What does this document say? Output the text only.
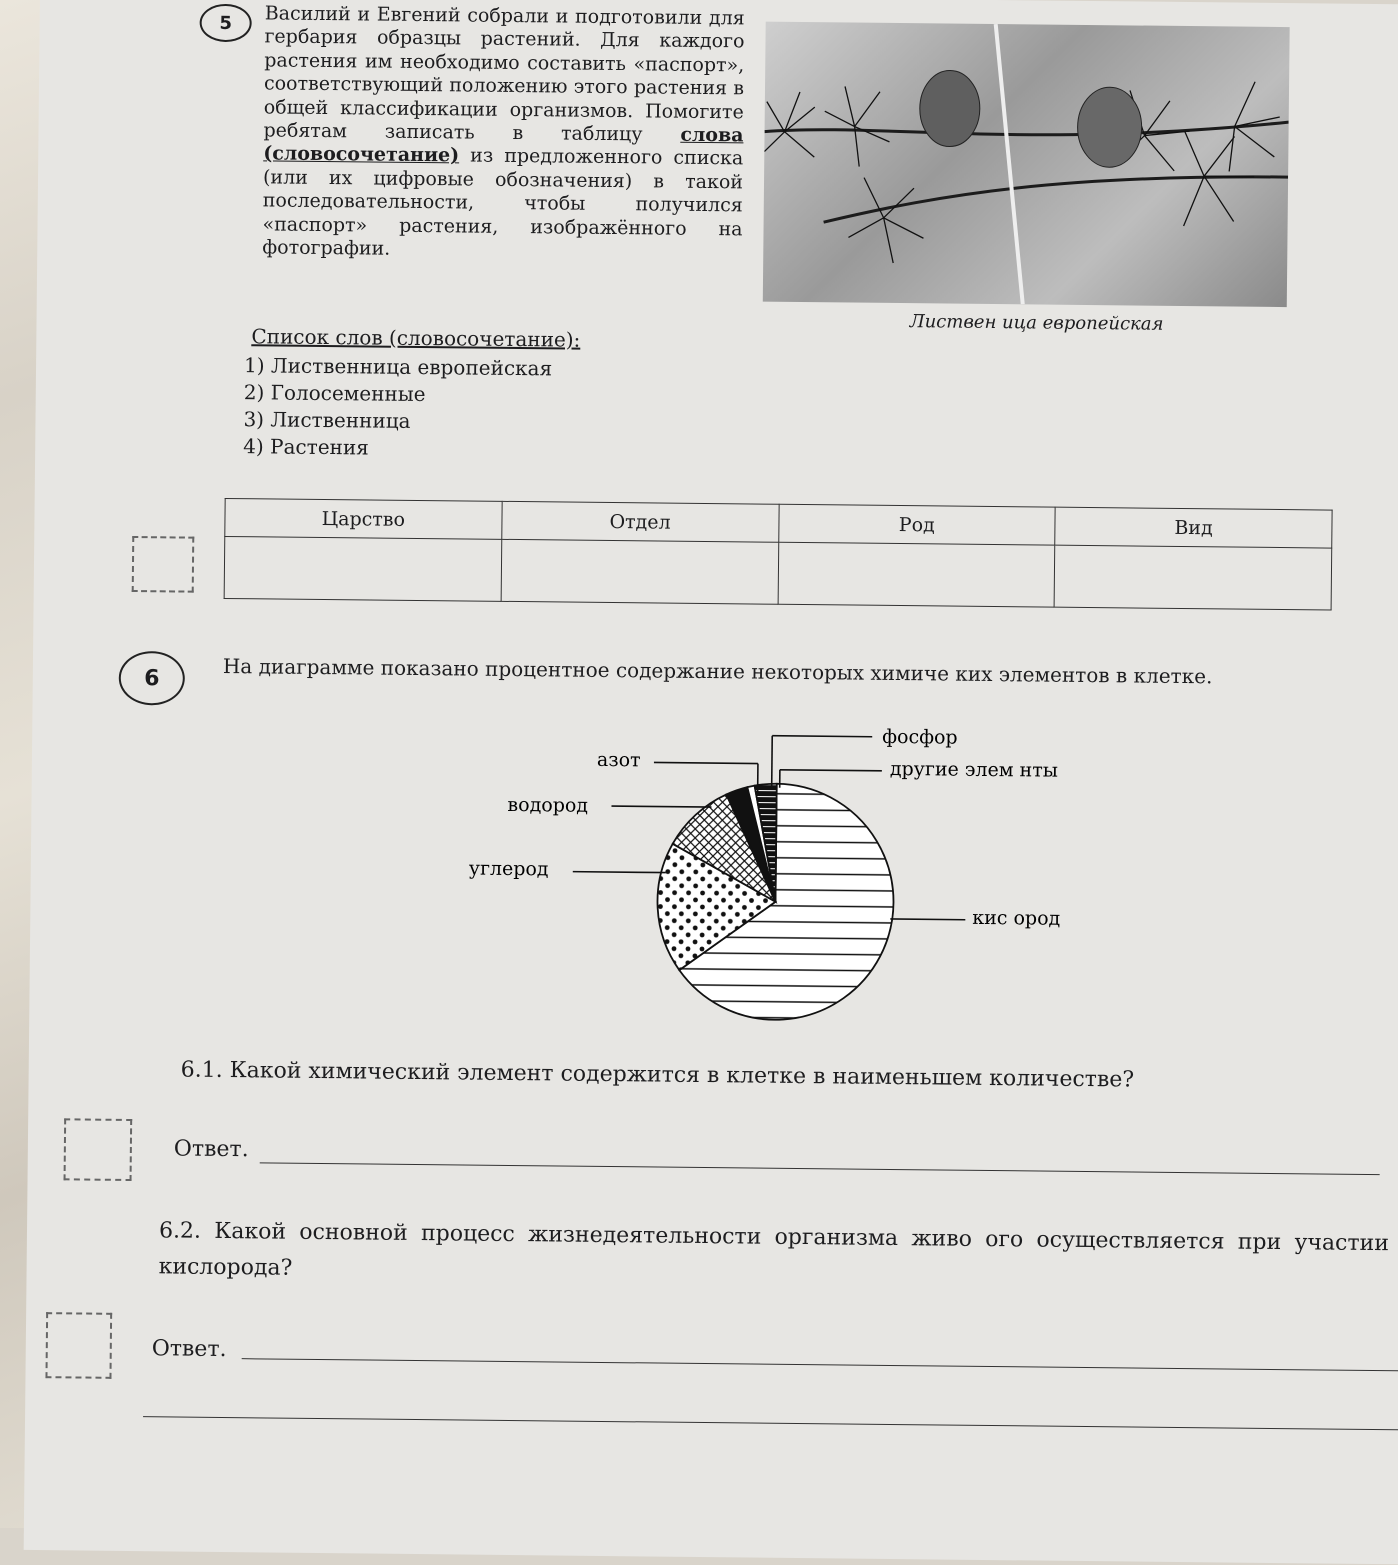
5	Василий и Евгений собрали и подготовили для гербария образцы растений. Для каждого растения им необходимо составить «паспорт», соответствующий положению этого растения в общей классификации организмов. Помогите ребятам записать в таблицу слова (словосочетание) из предложенного списка (или их цифровые обозначения) в такой последовательности, чтобы получился «паспорт» растения, изображённого на фотографии.
Листвен ица европейская
Список слов (словосочетание):
1) Лиственница европейская
2) Голосеменные
3) Лиственница
4) Растения
Царство	Отдел	Род	Вид

6	На диаграмме показано процентное содержание некоторых химиче ких элементов в клетке.
азот
водород
углерод
фосфор
другие элем нты
кис ород
6.1. Какой химический элемент содержится в клетке в наименьшем количестве?
Ответ.
6.2. Какой основной процесс жизнедеятельности организма живо ого осуществляется при участии кислорода?
Ответ.
